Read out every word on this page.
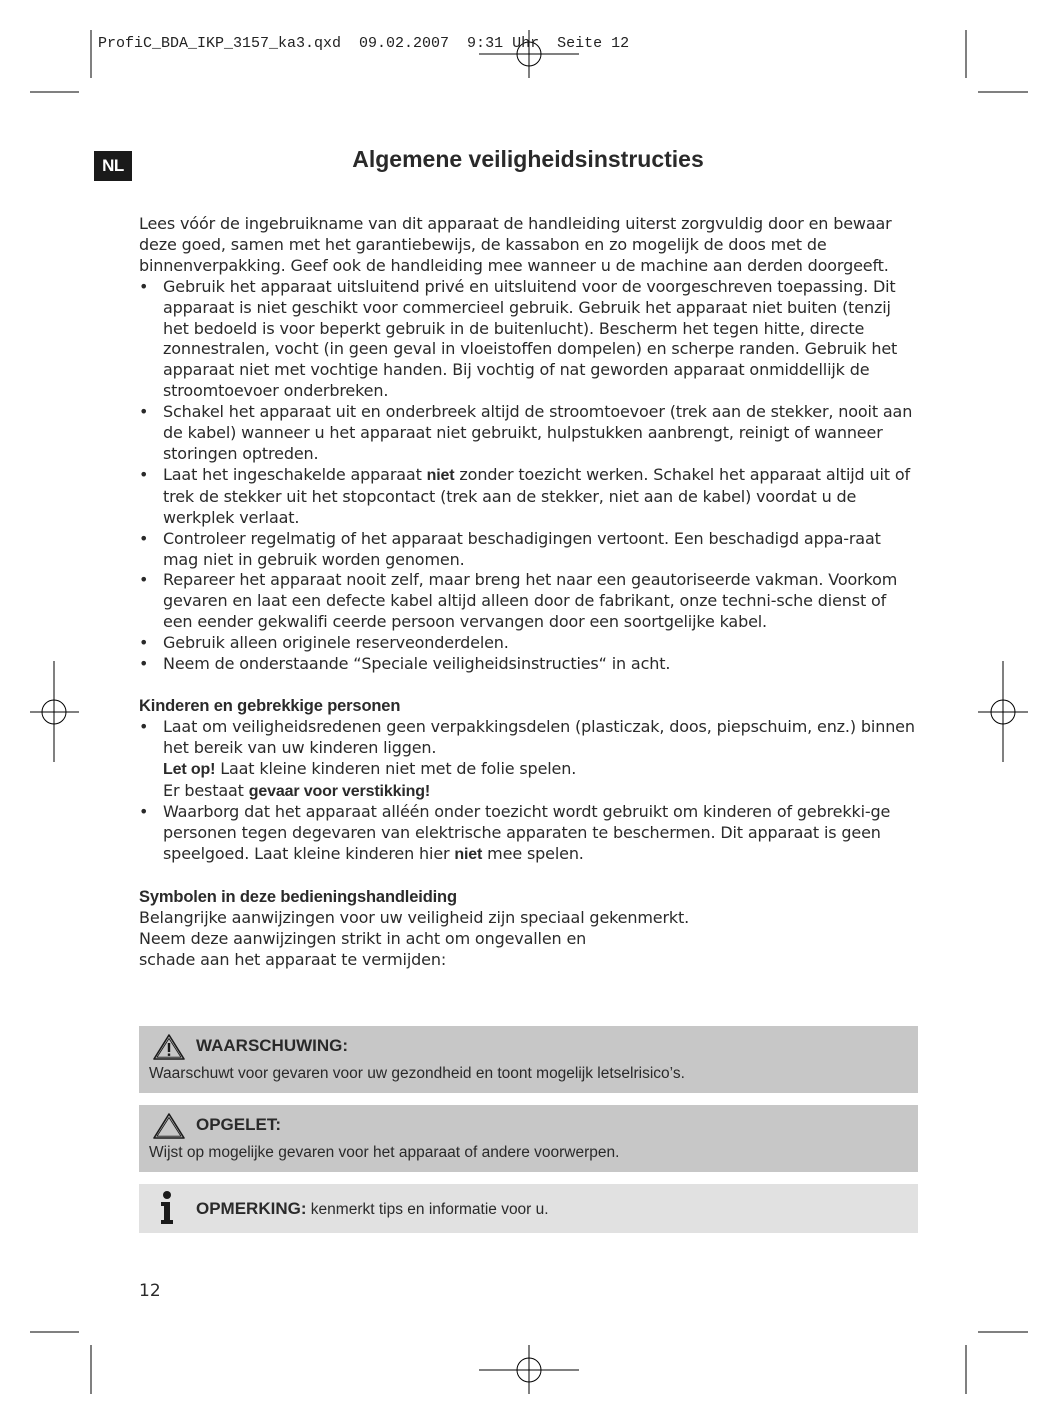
ProfiC_BDA_IKP_3157_ka3.qxd  09.02.2007  9:31 Uhr  Seite 12
NL	Algemene veiligheidsinstructies

Lees vóór de ingebruikname van dit apparaat de handleiding uiterst zorgvuldig door en bewaar deze goed, samen met het garantiebewijs, de kassabon en zo mogelijk de doos met de binnenverpakking. Geef ook de handleiding mee wanneer u de machine aan derden doorgeeft.

• Gebruik het apparaat uitsluitend privé en uitsluitend voor de voorgeschreven toepassing. Dit apparaat is niet geschikt voor commercieel gebruik. Gebruik het apparaat niet buiten (tenzij het bedoeld is voor beperkt gebruik in de buitenlucht). Bescherm het tegen hitte, directe zonnestralen, vocht (in geen geval in vloeistoffen dompelen) en scherpe randen. Gebruik het apparaat niet met vochtige handen. Bij vochtig of nat geworden apparaat onmiddellijk de stroomtoevoer onderbreken.
• Schakel het apparaat uit en onderbreek altijd de stroomtoevoer (trek aan de stekker, nooit aan de kabel) wanneer u het apparaat niet gebruikt, hulpstukken aanbrengt, reinigt of wanneer storingen optreden.
• Laat het ingeschakelde apparaat niet zonder toezicht werken. Schakel het apparaat altijd uit of trek de stekker uit het stopcontact (trek aan de stekker, niet aan de kabel) voordat u de werkplek verlaat.
• Controleer regelmatig of het apparaat beschadigingen vertoont. Een beschadigd appa-raat mag niet in gebruik worden genomen.
• Repareer het apparaat nooit zelf, maar breng het naar een geautoriseerde vakman. Voorkom gevaren en laat een defecte kabel altijd alleen door de fabrikant, onze techni-sche dienst of een eender gekwalifi ceerde persoon vervangen door een soortgelijke kabel.
• Gebruik alleen originele reserveonderdelen.
• Neem de onderstaande “Speciale veiligheidsinstructies“ in acht.
Kinderen en gebrekkige personen
• Laat om veiligheidsredenen geen verpakkingsdelen (plasticzak, doos, piepschuim, enz.) binnen het bereik van uw kinderen liggen.
Let op! Laat kleine kinderen niet met de folie spelen.
Er bestaat gevaar voor verstikking!
• Waarborg dat het apparaat alléén onder toezicht wordt gebruikt om kinderen of gebrekki-ge personen tegen degevaren van elektrische apparaten te beschermen. Dit apparaat is geen speelgoed. Laat kleine kinderen hier niet mee spelen.
Symbolen in deze bedieningshandleiding

Belangrijke aanwijzingen voor uw veiligheid zijn speciaal gekenmerkt.

Neem deze aanwijzingen strikt in acht om ongevallen en

schade aan het apparaat te vermijden:

WAARSCHUWING:
Waarschuwt voor gevaren voor uw gezondheid en toont mogelijk letselrisico’s.
OPGELET:
Wijst op mogelijke gevaren voor het apparaat of andere voorwerpen.
OPMERKING: kenmerkt tips en informatie voor u.
12
